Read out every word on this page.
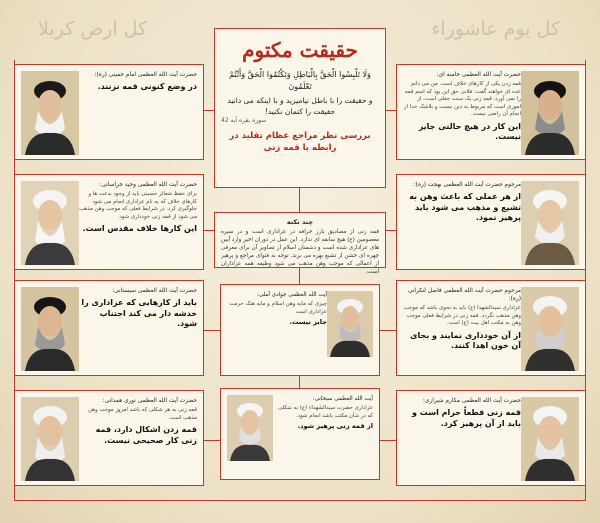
کل ارض کربلا	کل یوم عاشوراء
حقیقت مکتوم
وَلَا تَلْبِسُوا الْحَقَّ بِالْبَاطِلِ وَتَكْتُمُوا الْحَقَّ وَأَنْتُمْ تَعْلَمُونَ
و حقیقت را با باطل نیامیزید و با اینکه می دانید حقیقت را کتمان نکنید!
سوره بقره آیه 42
بررسی نظر مراجع عظام تقلید در رابطه با قمه زنی
چند نکته
قمه زنی از مصادیق بارز خرافه در عزاداری است و در سیره معصومین (ع) هیچ سابقه ای ندارد. این عمل در دوران اخیر وارد آیین های عزاداری شده است و دشمنان اسلام از تصاویر آن برای معرفی چهره ای خشن از تشیع بهره می برند. توجه به فتوای مراجع و پرهیز از اعمالی که موجب وهن مذهب می شود وظیفه همه عزاداران است.
حضرت آیت الله العظمی امام خمینی (ره):
در وضع کنونی قمه نزنند.
حضرت آیت الله العظمی وحید خراسانی:
برای حفظ شعائر حسینی باید از وجود بدعت ها و کارهای خلاف که به نام عزاداری انجام می شود جلوگیری کرد. در شرایط فعلی که موجب وهن مذهب می شود از قمه زنی خودداری شود.
این کارها خلاف مقدس است.
حضرت آیت الله العظمی سیستانی:
باید از کارهایی که عزاداری را خدشه دار می کند اجتناب شود.
حضرت آیت الله العظمی نوری همدانی:
قمه زنی به هر شکلی که باشد امروز موجب وهن مذهب است.
قمه زدن اشکال دارد، قمه زنی کار صحیحی نیست.
حضرت آیت الله العظمی خامنه ای:
قمه زدن یکی از کارهای خلاف است. من می دانم عده ای خواهند گفت: فلانی حق این بود که اسم قمه را نمی آورد. قمه زنی یک سنت جعلی است، از اموری است که مربوط به دین نیست و بلاشک خدا از انجام آن راضی نیست.
این کار در هیچ حالتی جایز نیست.
مرحوم حضرت آیت الله العظمی بهجت (ره):
از هر عملی که باعث وهن به تشیع و مذهب می شود باید پرهیز نمود.
مرحوم حضرت آیت الله العظمی فاضل لنکرانی (ره):
عزاداری سیدالشهدا (ع) باید به نحوی باشد که موجب وهن مذهب نگردد. قمه زنی در شرایط فعلی موجب وهن به مکتب اهل بیت (ع) است.
از آن خودداری نمایند و بجای آن خون اهدا کنند.
حضرت آیت الله العظمی مکارم شیرازی:
قمه زنی قطعاً حرام است و باید از آن پرهیز کرد.
آیت الله العظمی جوادی آملی:
چیزی که مایه وهن اسلام و مایه هتک حرمت عزاداری است
جایز نیست.
آیت الله العظمی سبحانی:
عزاداری حضرت سیدالشهداء (ع) به شکلی که در شأن مکتب باشد انجام شود.
از قمه زنی پرهیز شود.
